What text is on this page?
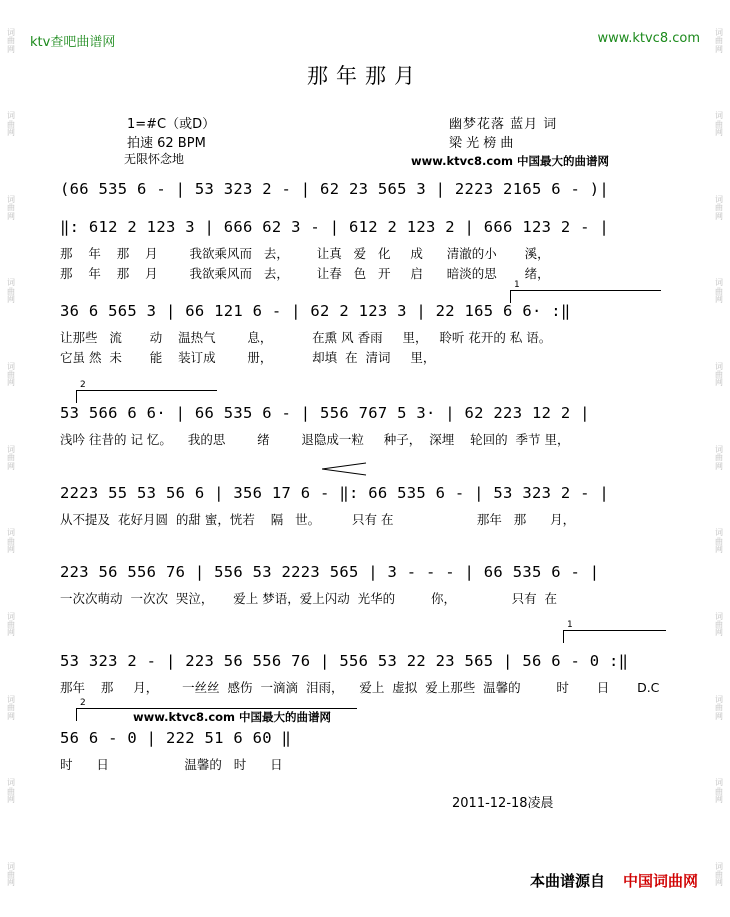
词
曲
网
词
曲
网
词
曲
网
词
曲
网
词
曲
网
词
曲
网
词
曲
网
词
曲
网
词
曲
网
词
曲
网
词
曲
网
词
曲
网
词
曲
网
词
曲
网
词
曲
网
词
曲
网
词
曲
网
词
曲
网
词
曲
网
词
曲
网
词
曲
网
词
曲
网
ktv查吧曲谱网	www.ktvc8.com
那年那月
1=#C（或D）
拍速 62 BPM
无限怀念地
幽梦花落 蓝月 词
梁 光 榜 曲
www.ktvc8.com 中国最大的曲谱网
(66 535 6 - | 53 323 2 - | 62 23 565 3 | 2223 2165 6 - )|
‖: 612 2 123 3 | 666 62 3 - | 612 2 123 2 | 666 123 2 - |
那    年    那    月        我欲乘风而   去，       让真   爱   化     成      清澈的小       溪，
那    年    那    月        我欲乘风而   去，       让春   色   开     启      暗淡的思       绪，
36 6 565 3 | 66 121 6 - | 62 2 123 3 | 22 165 6 6· :‖
让那些   流       动    温热气        息，          在熏 风 香雨     里，   聆听 花开的 私 语。
它虽 然  未       能    装订成        册，          却填  在  清词     里，
53 566 6 6· | 66 535 6 - | 556 767 5 3· | 62 223 12 2 |
浅吟 往昔的 记 忆。    我的思        绪        退隐成一粒     种子，  深埋    轮回的  季节 里，
2223 55 53 56 6 | 356 17 6 - ‖: 66 535 6 - | 53 323 2 - |
从不提及  花好月圆  的甜 蜜，恍若    隔   世。        只有 在                     那年   那      月，
223 56 556 76 | 556 53 2223 565 | 3 - - - | 66 535 6 - |
一次次萌动  一次次  哭泣，     爱上 梦语，爱上闪动  光华的         你，              只有  在
53 323 2 - | 223 56 556 76 | 556 53 22 23 565 | 56 6 - 0 :‖
那年    那     月，      一丝丝  感伤  一滴滴  泪雨，    爱上  虚拟  爱上那些  温馨的         时       日       D.C
56 6 - 0 | 222 51 6 60 ‖
时      日                   温馨的   时      日
1
2
1
2
www.ktvc8.com 中国最大的曲谱网
2011-12-18凌晨
本曲谱源自 中国词曲网
